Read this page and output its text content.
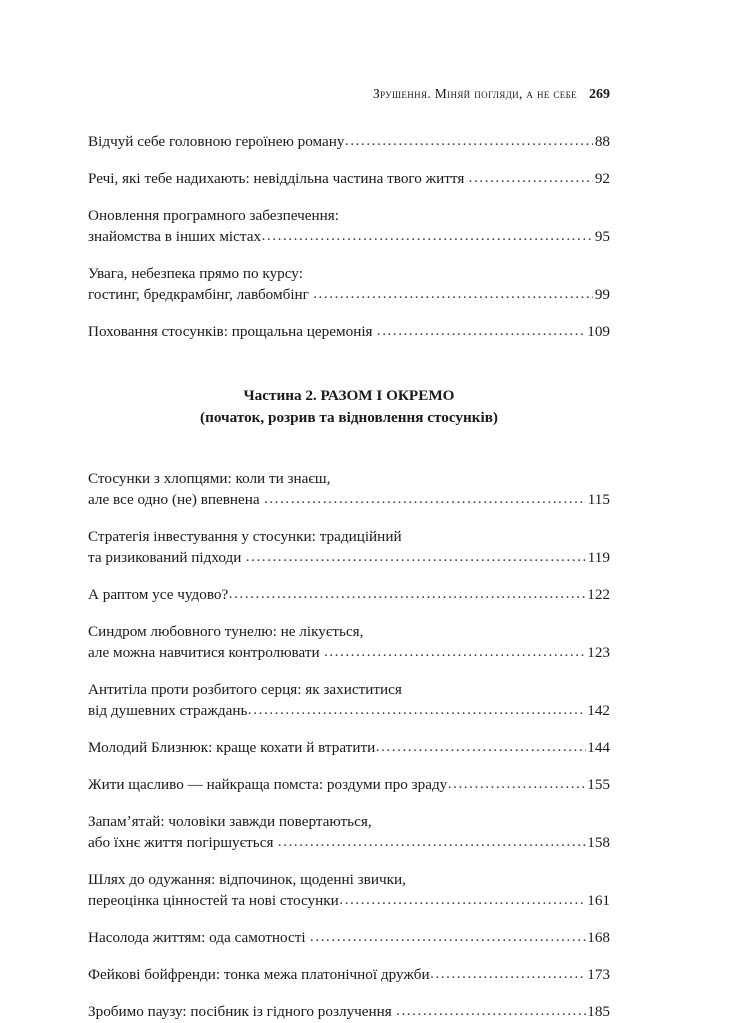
Зрушення. Міняй погляди, а не себе 269
Відчуй себе головною героїнею роману .....	88
Речі, які тебе надихають: невіддільна частина твого життя .....	92
Оновлення програмного забезпечення:
знайомства в інших містах .....	95
Увага, небезпека прямо по курсу:
гостинг, бредкрамбінг, лавбомбінг .....	99
Поховання стосунків: прощальна церемонія .....	109
Частина 2. РАЗОМ І ОКРЕМО
(початок, розрив та відновлення стосунків)
Стосунки з хлопцями: коли ти знаєш,
але все одно (не) впевнена .....	115
Стратегія інвестування у стосунки: традиційний
та ризикований підходи .....	119
А раптом усе чудово? .....	122
Синдром любовного тунелю: не лікується,
але можна навчитися контролювати .....	123
Антитіла проти розбитого серця: як захиститися
від душевних страждань .....	142
Молодий Близнюк: краще кохати й втратити .....	144
Жити щасливо — найкраща помста: роздуми про зраду .....	155
Запамʼятай: чоловіки завжди повертаються,
або їхнє життя погіршується .....	158
Шлях до одужання: відпочинок, щоденні звички,
переоцінка цінностей та нові стосунки .....	161
Насолода життям: ода самотності .....	168
Фейкові бойфренди: тонка межа платонічної дружби .....	173
Зробимо паузу: посібник із гідного розлучення .....	185
